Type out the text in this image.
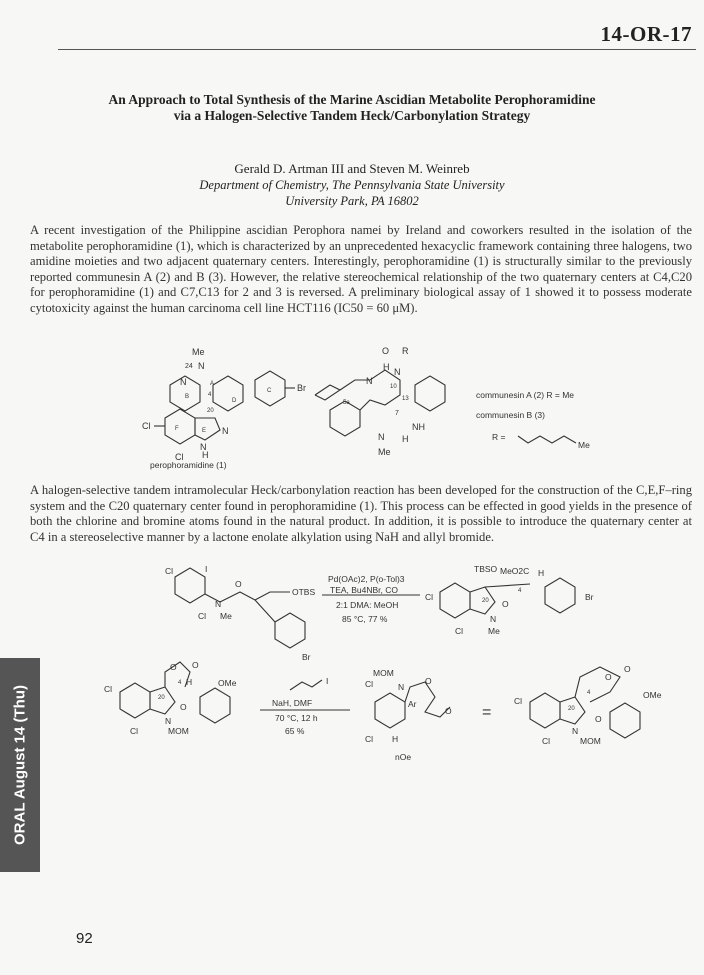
14-OR-17
An Approach to Total Synthesis of the Marine Ascidian Metabolite Perophoramidine
via a Halogen-Selective Tandem Heck/Carbonylation Strategy
Gerald D. Artman III and Steven M. Weinreb
Department of Chemistry, The Pennsylvania State University
University Park, PA 16802
A recent investigation of the Philippine ascidian Perophora namei by Ireland and coworkers resulted in the isolation of the metabolite perophoramidine (1), which is characterized by an unprecedented hexacyclic framework containing three halogens, two amidine moieties and two adjacent quaternary centers. Interestingly, perophoramidine (1) is structurally similar to the previously reported communesin A (2) and B (3). However, the relative stereochemical relationship of the two quaternary centers at C4,C20 for perophoramidine (1) and C7,C13 for 2 and 3 is reversed. A preliminary biological assay of 1 showed it to possess moderate cytotoxicity against the human carcinoma cell line HCT116 (IC50 = 60 μM).
Me
24 N
N	A
B	4
C	Br
Cl
20
D
F	E N
N
H
Cl
perophoramidine (1)
O R
H N
N
10
5a
13
7
NH
N H
Me
communesin A (2) R = Me
communesin B (3)
R =
Me
A halogen-selective tandem intramolecular Heck/carbonylation reaction has been developed for the construction of the C,E,F–ring system and the C20 quaternary center found in perophoramidine (1). This process can be effected in good yields in the presence of both the chlorine and bromine atoms found in the natural product. In addition, it is possible to introduce the quaternary center at C4 in a stereoselective manner by a lactone enolate alkylation using NaH and allyl bromide.
Cl	I
O
N
Me
Cl
OTBS
Br
Pd(OAc)2, P(o-Tol)3
TEA, Bu4NBr, CO
2:1 DMA: MeOH
85 °C, 77 %
TBSO MeO2C H
Cl
4
20 O
N
Br
Cl	Me
Cl
O O
4 H	OMe
20
O
N
Cl	MOM
I
NaH, DMF
70 °C, 12 h
65 %
MOM
N
O
Cl
Ar
O
Cl H
nOe
=
O
O
Cl
4	OMe
20
O
N
Cl	MOM
ORAL August 14 (Thu)
92
